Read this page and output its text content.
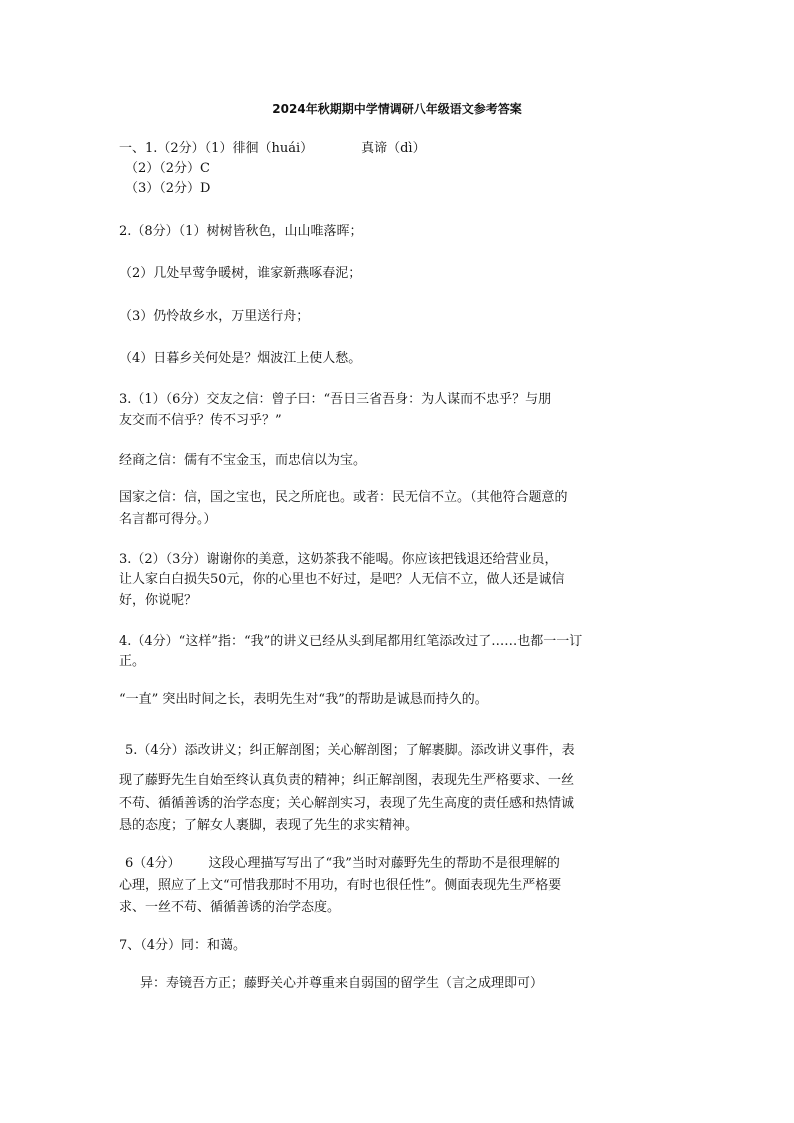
2024年秋期期中学情调研八年级语文参考答案
一、1.（2分）（1）徘徊（huái）	真谛（dì）
（2）（2分）C
（3）（2分）D
2.（8分）（1）树树皆秋色，山山唯落晖；
（2）几处早莺争暖树，谁家新燕啄春泥；
（3）仍怜故乡水，万里送行舟；
（4）日暮乡关何处是？烟波江上使人愁。
3.（1）（6分）交友之信：曾子曰：“吾日三省吾身：为人谋而不忠乎？与朋
友交而不信乎？传不习乎？”
经商之信：儒有不宝金玉，而忠信以为宝。
国家之信：信，国之宝也，民之所庇也。或者：民无信不立。（其他符合题意的
名言都可得分。）
3.（2）（3分）谢谢你的美意，这奶茶我不能喝。你应该把钱退还给营业员，
让人家白白损失50元，你的心里也不好过，是吧？人无信不立，做人还是诚信
好，你说呢？
4.（4分）“这样”指：“我”的讲义已经从头到尾都用红笔添改过了……也都一一订
正。
“一直” 突出时间之长，表明先生对“我”的帮助是诚恳而持久的。
5.（4分）添改讲义；纠正解剖图；关心解剖图；了解裹脚。添改讲义事件，表
现了藤野先生自始至终认真负责的精神；纠正解剖图，表现先生严格要求、一丝
不苟、循循善诱的治学态度；关心解剖实习，表现了先生高度的责任感和热情诚
恳的态度；了解女人裹脚，表现了先生的求实精神。
6（4分） 这段心理描写写出了“我”当时对藤野先生的帮助不是很理解的
心理，照应了上文“可惜我那时不用功，有时也很任性”。侧面表现先生严格要
求、一丝不苟、循循善诱的治学态度。
7、（4分）同：和蔼。
异：寿镜吾方正；藤野关心并尊重来自弱国的留学生（言之成理即可）
